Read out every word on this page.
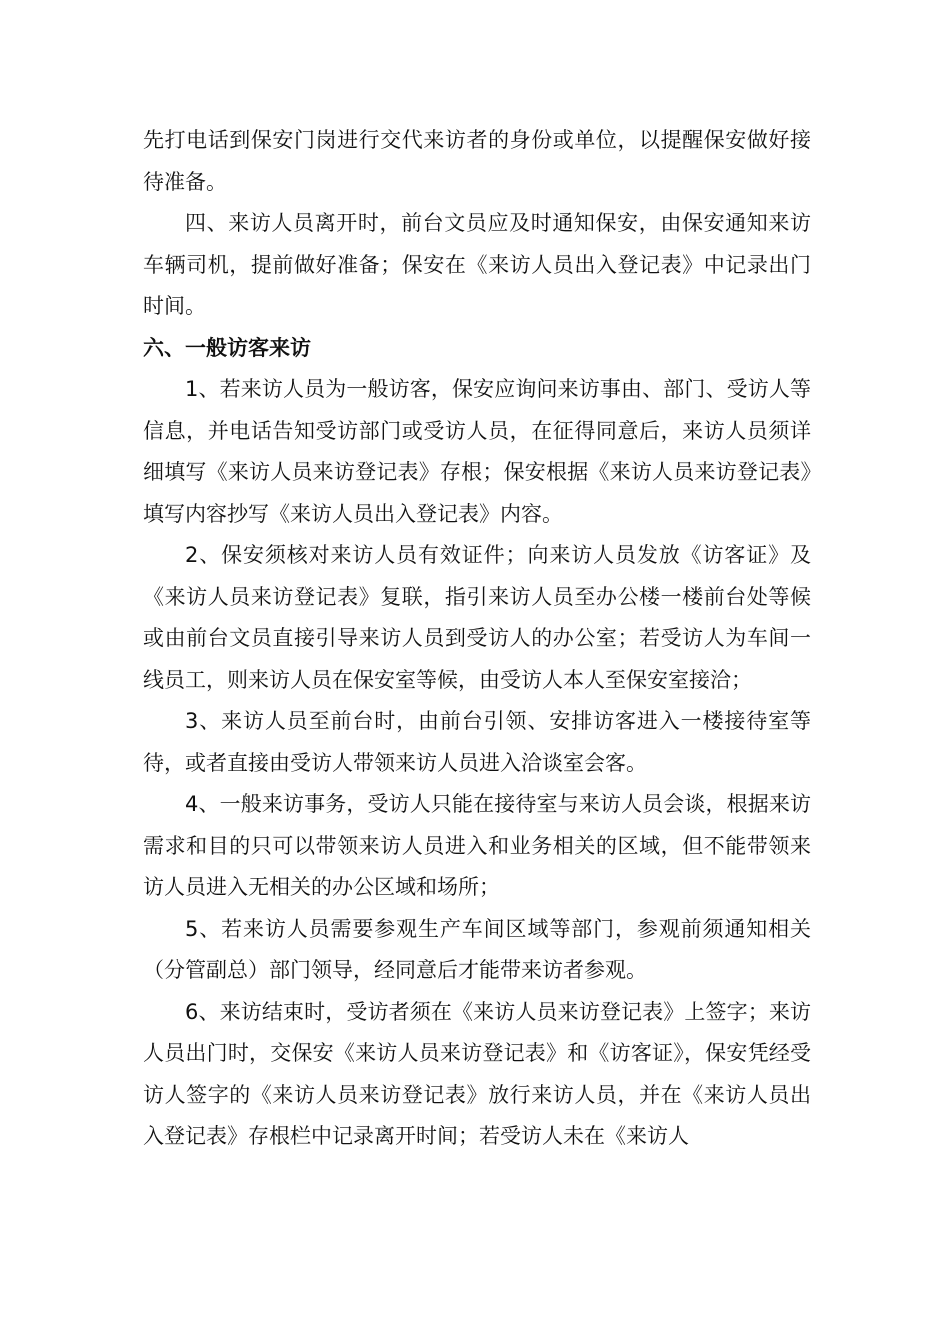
先打电话到保安门岗进行交代来访者的身份或单位，以提醒保安做好接待准备。

四、来访人员离开时，前台文员应及时通知保安，由保安通知来访车辆司机，提前做好准备；保安在《来访人员出入登记表》中记录出门时间。

六、一般访客来访

1、若来访人员为一般访客，保安应询问来访事由、部门、受访人等信息，并电话告知受访部门或受访人员，在征得同意后，来访人员须详细填写《来访人员来访登记表》存根；保安根据《来访人员来访登记表》填写内容抄写《来访人员出入登记表》内容。

2、保安须核对来访人员有效证件；向来访人员发放《访客证》及《来访人员来访登记表》复联，指引来访人员至办公楼一楼前台处等候或由前台文员直接引导来访人员到受访人的办公室；若受访人为车间一线员工，则来访人员在保安室等候，由受访人本人至保安室接洽；

3、来访人员至前台时，由前台引领、安排访客进入一楼接待室等待，或者直接由受访人带领来访人员进入洽谈室会客。

4、一般来访事务，受访人只能在接待室与来访人员会谈，根据来访需求和目的只可以带领来访人员进入和业务相关的区域，但不能带领来访人员进入无相关的办公区域和场所；

5、若来访人员需要参观生产车间区域等部门，参观前须通知相关（分管副总）部门领导，经同意后才能带来访者参观。

6、来访结束时，受访者须在《来访人员来访登记表》上签字；来访人员出门时，交保安《来访人员来访登记表》和《访客证》，保安凭经受访人签字的《来访人员来访登记表》放行来访人员，并在《来访人员出入登记表》存根栏中记录离开时间；若受访人未在《来访人
